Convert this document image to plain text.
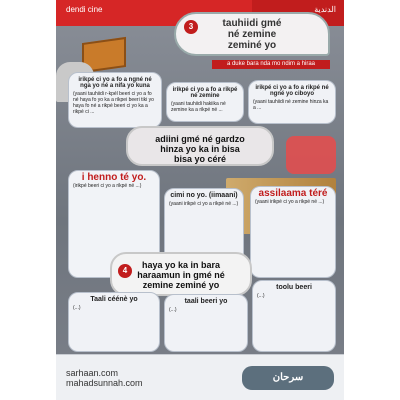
dendi cine	الدندية
3	tauhiidi gmé
né zemine
zeminé yo
a duke bara nda mo ndim a hiraa
irikpé ci yo a fo a ngné né nga yo né a nifa yo kuna
(yaani tauhiidi r-kpél beeri ci yo a fo né haya fo yo ka a rikpei beeri tiki yo haya fo né a rikpé beeri ci yo ka a rikpé ci ...
irikpé ci yo a fo a rikpé né zemine
(yaani tauhiidi hakiika né zemine ka a rikpé né ...
irikpé ci yo a fo a rikpé né ngné yo ciboyo
(yaani tauhiidi né zemine hinza ka a ...
adiini gmé né gardzo
hinza yo ka in bisa
bisa yo céré
i henno té yo.
(irikpé beeri ci yo a rikpé né ...)
cimi no yo. (iimaani)
(yaani irikpé ci yo a rikpé né ...)
assilaama téré
(yaani irikpé ci yo a rikpé né ...)
4
haya yo ka in bara
haraamun in gmé né
zemine zeminé yo
Taali céénè yo
(...)
taali beeri yo
(...)
toolu beeri
(...)
sarhaan.com
mahadsunnah.com	سرحان
